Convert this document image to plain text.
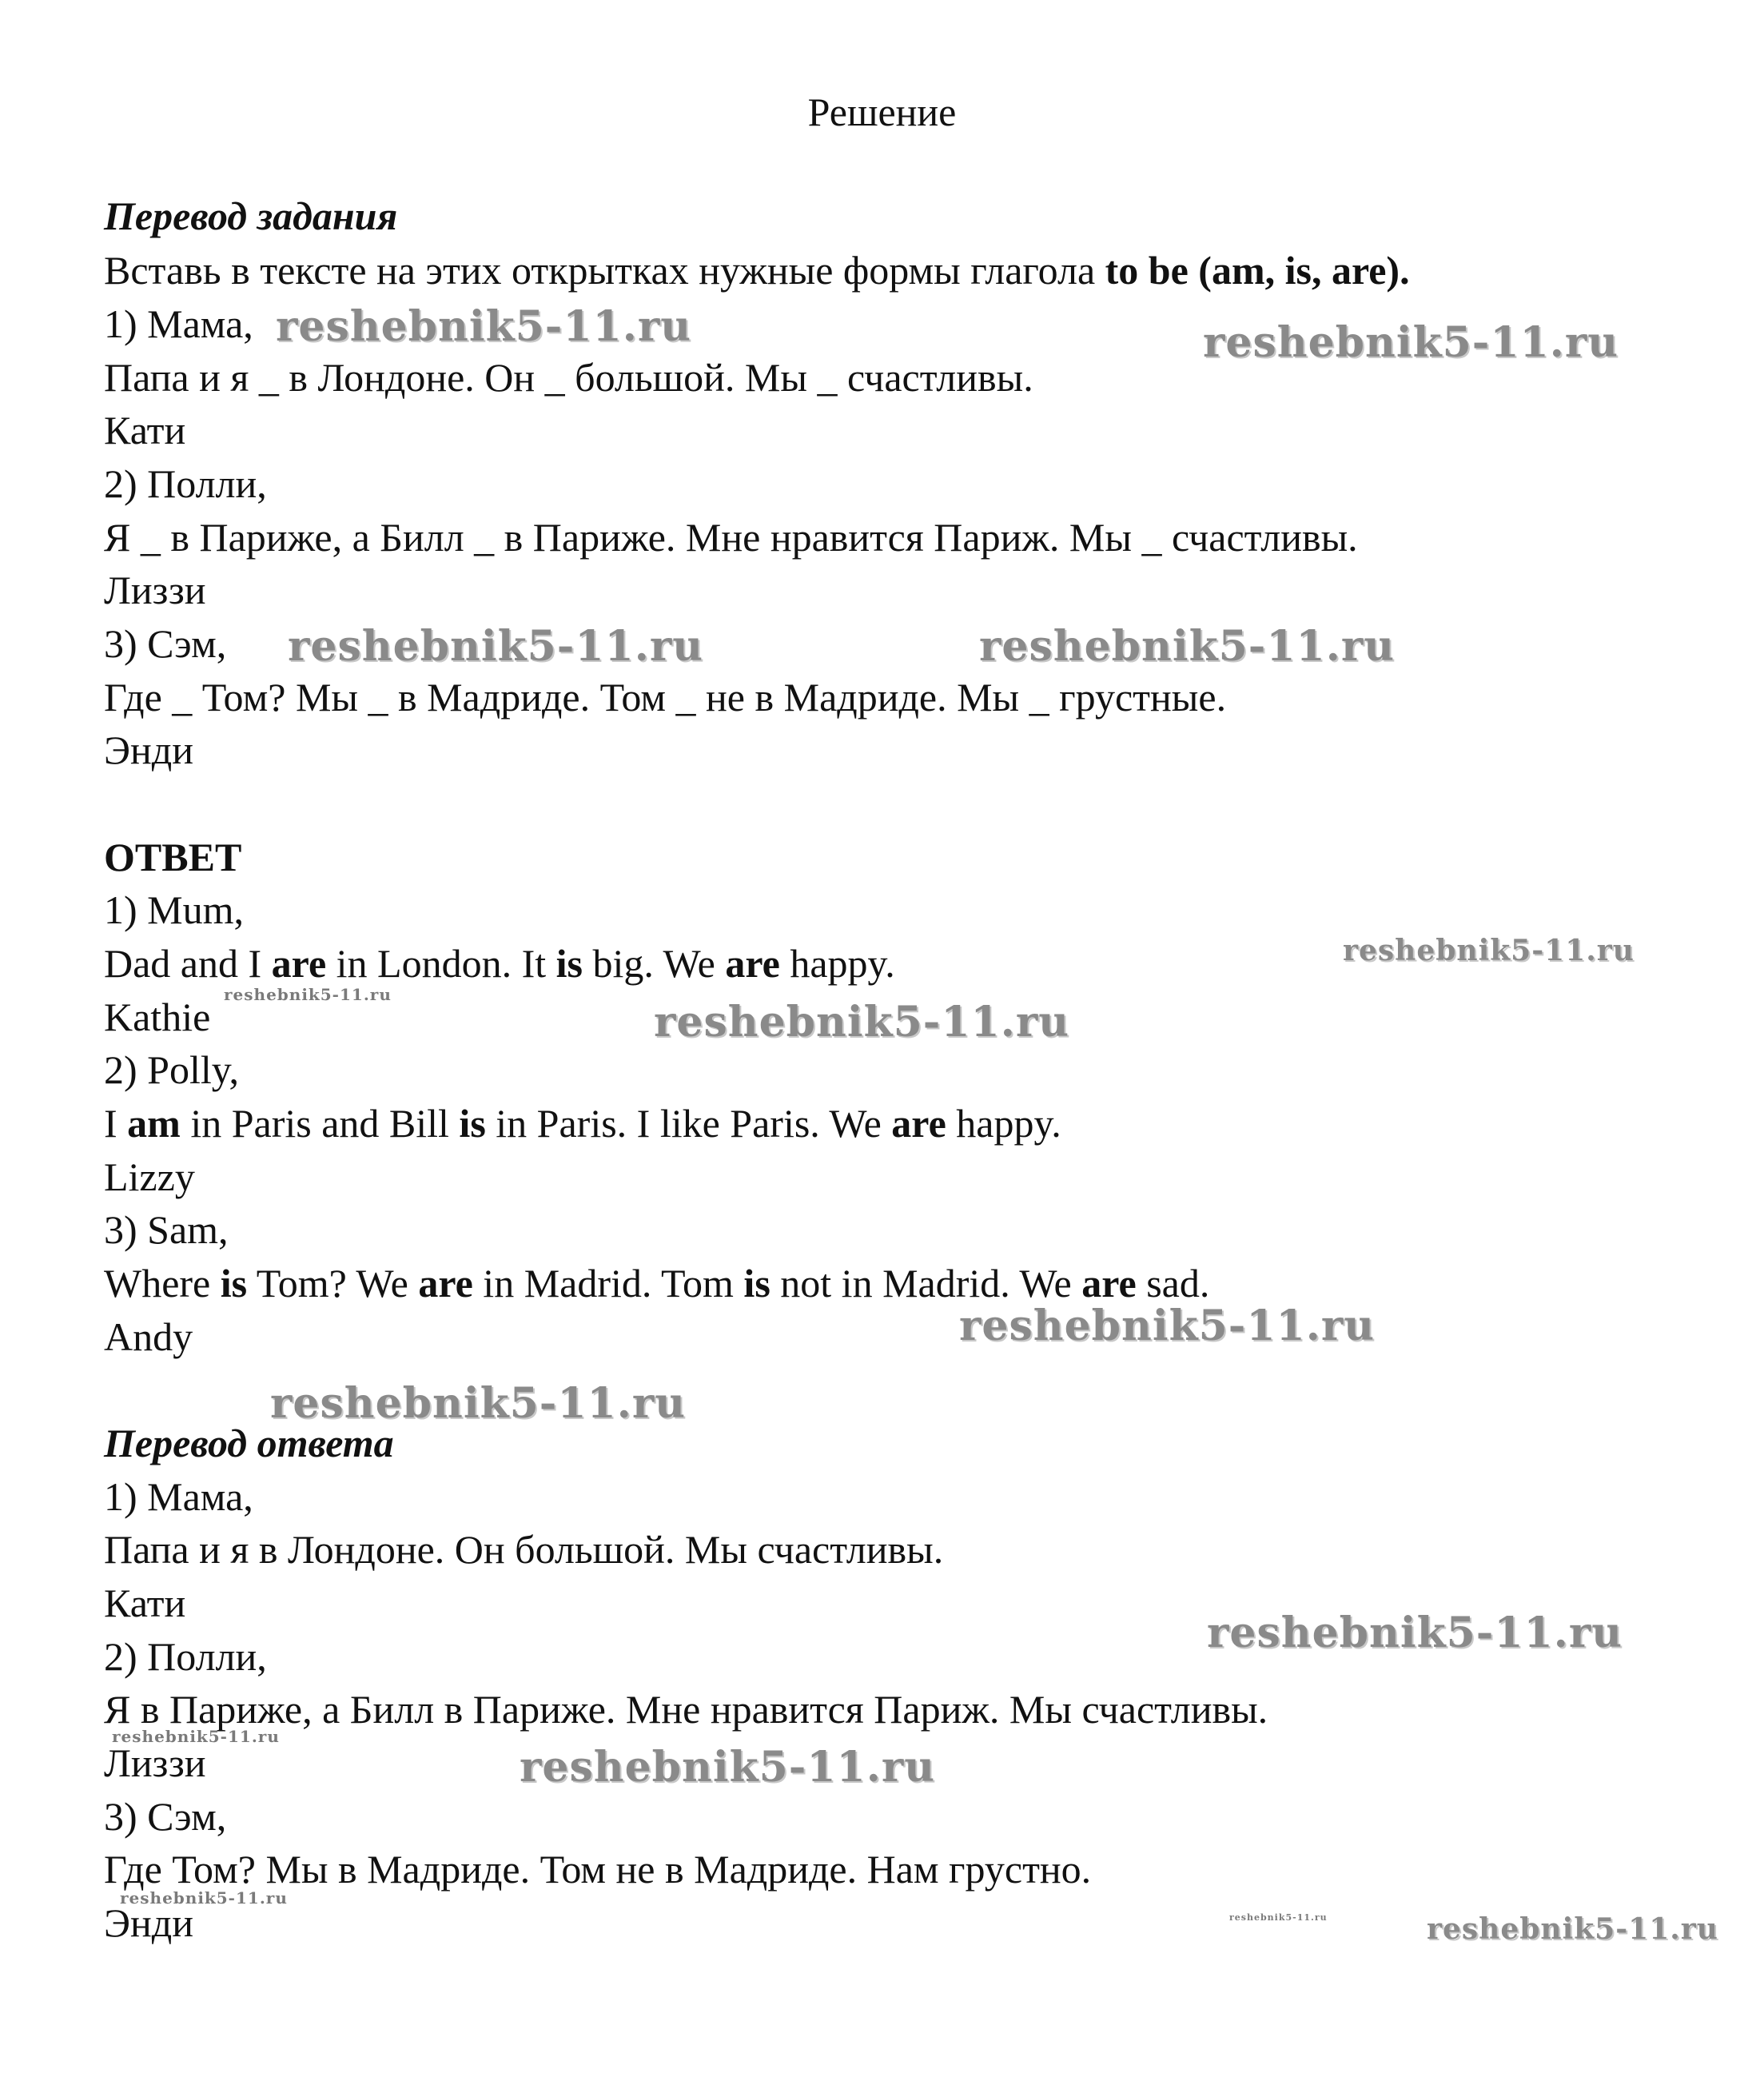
Решение
Перевод задания
Вставь в тексте на этих открытках нужные формы глагола to be (am, is, are).
1) Мама,
Папа и я _ в Лондоне. Он _ большой. Мы _ счастливы.
Кати
2) Полли,
Я _ в Париже, а Билл _ в Париже. Мне нравится Париж. Мы _ счастливы.
Лиззи
3) Сэм,
Где _ Том? Мы _ в Мадриде. Том _ не в Мадриде. Мы _ грустные.
Энди
ОТВЕТ
1) Mum,
Dad and I are in London. It is big. We are happy.
Kathie
2) Polly,
I am in Paris and Bill is in Paris. I like Paris. We are happy.
Lizzy
3) Sam,
Where is Tom? We are in Madrid. Tom is not in Madrid. We are sad.
Andy
Перевод ответа
1) Мама,
Папа и я в Лондоне. Он большой. Мы счастливы.
Кати
2) Полли,
Я в Париже, а Билл в Париже. Мне нравится Париж. Мы счастливы.
Лиззи
3) Сэм,
Где Том? Мы в Мадриде. Том не в Мадриде. Нам грустно.
Энди
reshebnik5-11.ru	reshebnik5-11.ru
reshebnik5-11.ru	reshebnik5-11.ru
reshebnik5-11.ru
reshebnik5-11.ru
reshebnik5-11.ru
reshebnik5-11.ru
reshebnik5-11.ru
reshebnik5-11.ru
reshebnik5-11.ru
reshebnik5-11.ru
reshebnik5-11.ru
reshebnik5-11.ru	reshebnik5-11.ru
